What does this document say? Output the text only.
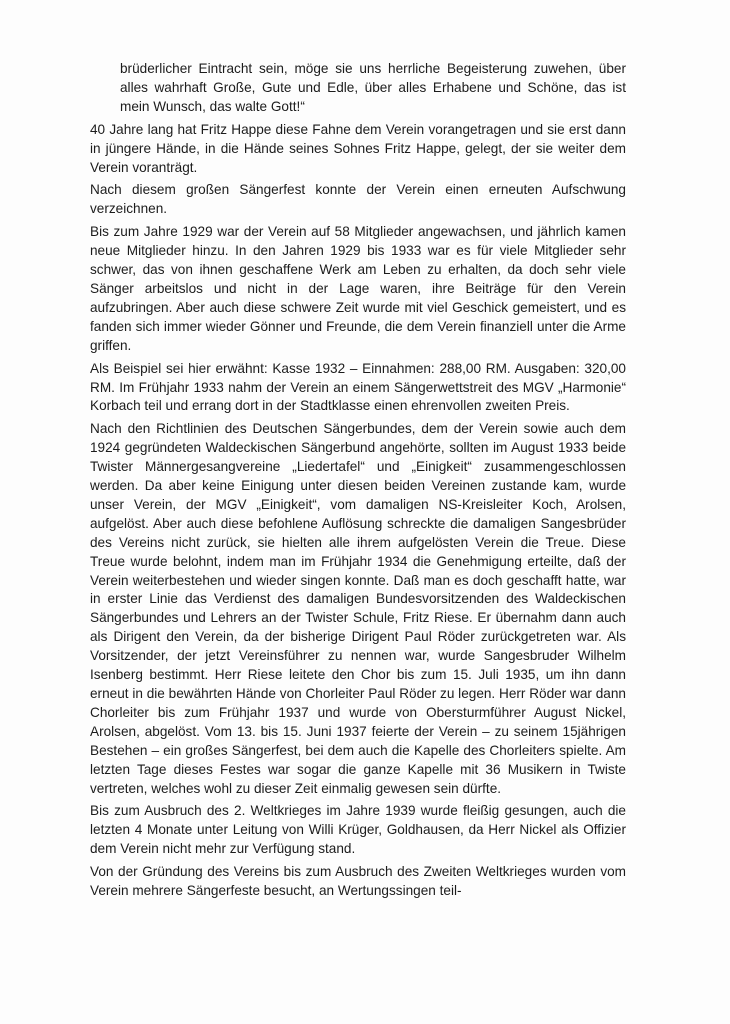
brüderlicher Eintracht sein, möge sie uns herrliche Begeisterung zuwehen, über alles wahrhaft Große, Gute und Edle, über alles Erhabene und Schöne, das ist mein Wunsch, das walte Gott!“

40 Jahre lang hat Fritz Happe diese Fahne dem Verein vorangetragen und sie erst dann in jüngere Hände, in die Hände seines Sohnes Fritz Happe, gelegt, der sie weiter dem Verein voranträgt.

Nach diesem großen Sängerfest konnte der Verein einen erneuten Aufschwung verzeichnen.

Bis zum Jahre 1929 war der Verein auf 58 Mitglieder angewachsen, und jährlich kamen neue Mitglieder hinzu. In den Jahren 1929 bis 1933 war es für viele Mitglieder sehr schwer, das von ihnen geschaffene Werk am Leben zu erhalten, da doch sehr viele Sänger arbeitslos und nicht in der Lage waren, ihre Beiträge für den Verein aufzubringen. Aber auch diese schwere Zeit wurde mit viel Geschick gemeistert, und es fanden sich immer wieder Gönner und Freunde, die dem Verein finanziell unter die Arme griffen.

Als Beispiel sei hier erwähnt: Kasse 1932 – Einnahmen: 288,00 RM. Ausgaben: 320,00 RM. Im Frühjahr 1933 nahm der Verein an einem Sängerwettstreit des MGV „Harmonie“ Korbach teil und errang dort in der Stadtklasse einen ehrenvollen zweiten Preis.

Nach den Richtlinien des Deutschen Sängerbundes, dem der Verein sowie auch dem 1924 gegründeten Waldeckischen Sängerbund angehörte, sollten im August 1933 beide Twister Männergesangvereine „Liedertafel“ und „Einigkeit“ zusammengeschlossen werden. Da aber keine Einigung unter diesen beiden Vereinen zustande kam, wurde unser Verein, der MGV „Einigkeit“, vom damaligen NS-Kreisleiter Koch, Arolsen, aufgelöst. Aber auch diese befohlene Auflösung schreckte die damaligen Sangesbrüder des Vereins nicht zurück, sie hielten alle ihrem aufgelösten Verein die Treue. Diese Treue wurde belohnt, indem man im Frühjahr 1934 die Genehmigung erteilte, daß der Verein weiterbestehen und wieder singen konnte. Daß man es doch geschafft hatte, war in erster Linie das Verdienst des damaligen Bundesvorsitzenden des Waldeckischen Sängerbundes und Lehrers an der Twister Schule, Fritz Riese. Er übernahm dann auch als Dirigent den Verein, da der bisherige Dirigent Paul Röder zurückgetreten war. Als Vorsitzender, der jetzt Vereinsführer zu nennen war, wurde Sangesbruder Wilhelm Isenberg bestimmt. Herr Riese leitete den Chor bis zum 15. Juli 1935, um ihn dann erneut in die bewährten Hände von Chorleiter Paul Röder zu legen. Herr Röder war dann Chorleiter bis zum Frühjahr 1937 und wurde von Obersturmführer August Nickel, Arolsen, abgelöst. Vom 13. bis 15. Juni 1937 feierte der Verein – zu seinem 15jährigen Bestehen – ein großes Sängerfest, bei dem auch die Kapelle des Chorleiters spielte. Am letzten Tage dieses Festes war sogar die ganze Kapelle mit 36 Musikern in Twiste vertreten, welches wohl zu dieser Zeit einmalig gewesen sein dürfte.

Bis zum Ausbruch des 2. Weltkrieges im Jahre 1939 wurde fleißig gesungen, auch die letzten 4 Monate unter Leitung von Willi Krüger, Goldhausen, da Herr Nickel als Offizier dem Verein nicht mehr zur Verfügung stand.

Von der Gründung des Vereins bis zum Ausbruch des Zweiten Weltkrieges wurden vom Verein mehrere Sängerfeste besucht, an Wertungssingen teil-
